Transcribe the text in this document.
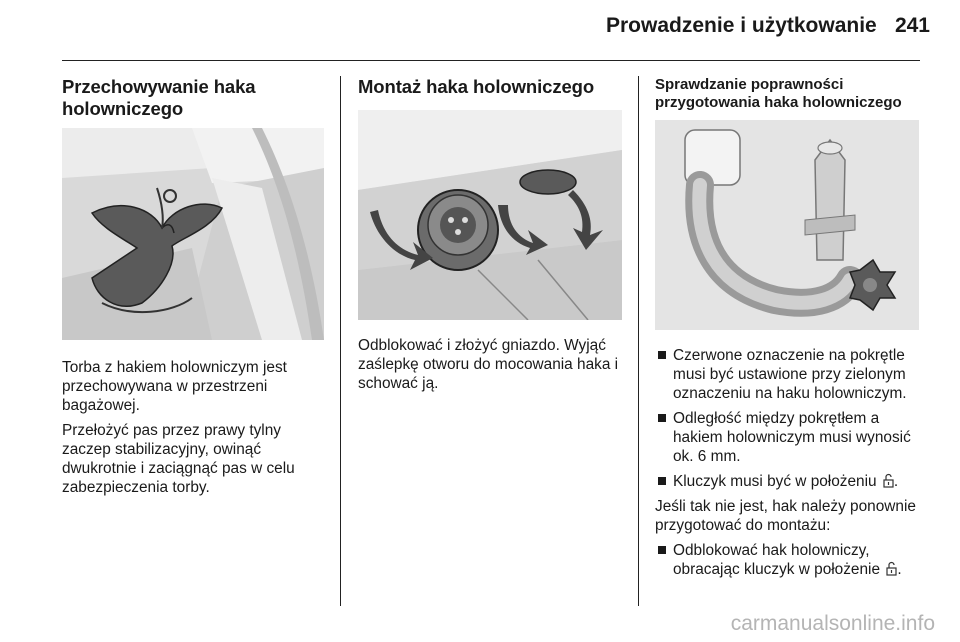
Prowadzenie i użytkowanie 241
Przechowywanie haka holowniczego

Torba z hakiem holowniczym jest przechowywana w przestrzeni bagażowej.

Przełożyć pas przez prawy tylny zaczep stabilizacyjny, owinąć dwukrotnie i zaciągnąć pas w celu zabezpieczenia torby.

Montaż haka holowniczego

Odblokować i złożyć gniazdo. Wyjąć zaślepkę otworu do mocowania haka i schować ją.

Sprawdzanie poprawności przygotowania haka holowniczego
Czerwone oznaczenie na pokrętle musi być ustawione przy zielonym oznaczeniu na haku holowniczym.
Odległość między pokrętłem a hakiem holowniczym musi wynosić ok. 6 mm.
Kluczyk musi być w położeniu .

Jeśli tak nie jest, hak należy ponownie przygotować do montażu:

Odblokować hak holowniczy, obracając kluczyk w położenie .
carmanualsonline.info
